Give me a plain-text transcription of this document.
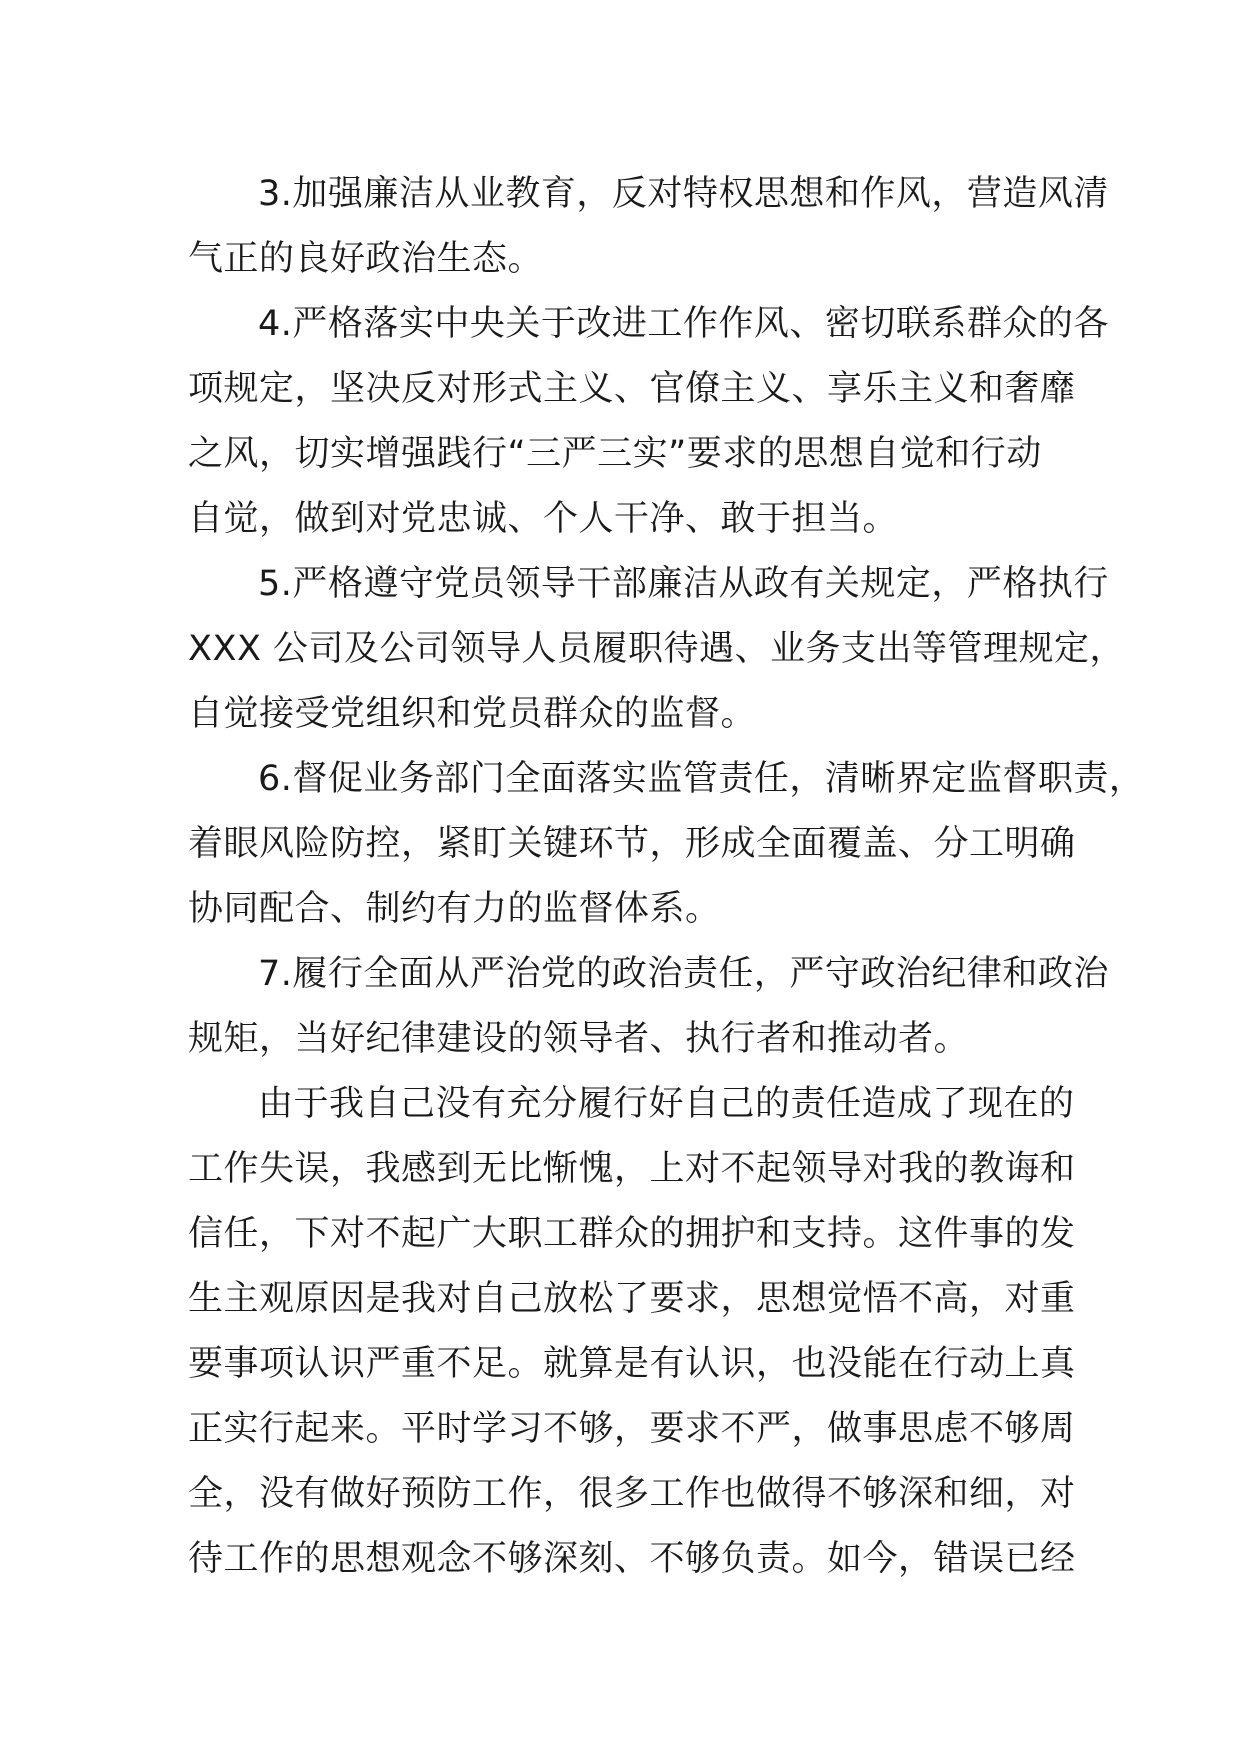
3.加强廉洁从业教育，反对特权思想和作风，营造风清
气正的良好政治生态。
4.严格落实中央关于改进工作作风、密切联系群众的各
项规定，坚决反对形式主义、官僚主义、享乐主义和奢靡
之风，切实增强践行“三严三实”要求的思想自觉和行动
自觉，做到对党忠诚、个人干净、敢于担当。
5.严格遵守党员领导干部廉洁从政有关规定，严格执行
XXX 公司及公司领导人员履职待遇、业务支出等管理规定，
自觉接受党组织和党员群众的监督。
6.督促业务部门全面落实监管责任，清晰界定监督职责，
着眼风险防控，紧盯关键环节，形成全面覆盖、分工明确
协同配合、制约有力的监督体系。
7.履行全面从严治党的政治责任，严守政治纪律和政治
规矩，当好纪律建设的领导者、执行者和推动者。
由于我自己没有充分履行好自己的责任造成了现在的
工作失误，我感到无比惭愧，上对不起领导对我的教诲和
信任，下对不起广大职工群众的拥护和支持。这件事的发
生主观原因是我对自己放松了要求，思想觉悟不高，对重
要事项认识严重不足。就算是有认识，也没能在行动上真
正实行起来。平时学习不够，要求不严，做事思虑不够周
全，没有做好预防工作，很多工作也做得不够深和细，对
待工作的思想观念不够深刻、不够负责。如今，错误已经
